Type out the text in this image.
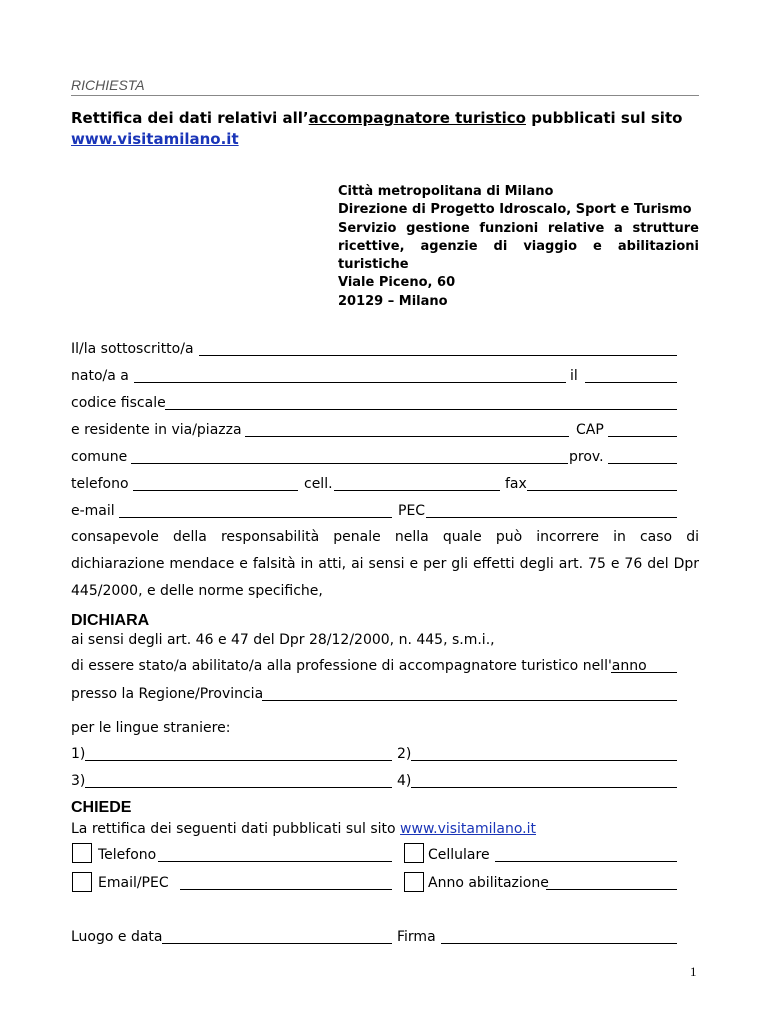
RICHIESTA
Rettifica dei dati relativi all’accompagnatore turistico pubblicati sul sito
www.visitamilano.it
Città metropolitana di Milano
Direzione di Progetto Idroscalo, Sport e Turismo

Servizio gestione funzioni relative a strutture
ricettive, agenzie di viaggio e abilitazioni
turistiche
Viale Piceno, 60
20129 – Milano
Il/la sottoscritto/a
nato/a a	il
codice fiscale
e residente in via/piazza	CAP
comune	prov.
telefono	cell.	fax
e-mail	PEC
consapevole della responsabilità penale nella quale può incorrere in caso di dichiarazione mendace e falsità in atti, ai sensi e per gli effetti degli art. 75 e 76 del Dpr 445/2000, e delle norme specifiche,
DICHIARA
ai sensi degli art. 46 e 47 del Dpr 28/12/2000, n. 445, s.m.i.,
di essere stato/a abilitato/a alla professione di accompagnatore turistico nell'anno
presso la Regione/Provincia
per le lingue straniere:
1)	2)
3)	4)
CHIEDE
La rettifica dei seguenti dati pubblicati sul sito www.visitamilano.it
Telefono	Cellulare
Email/PEC	Anno abilitazione
Luogo e data	Firma
1
